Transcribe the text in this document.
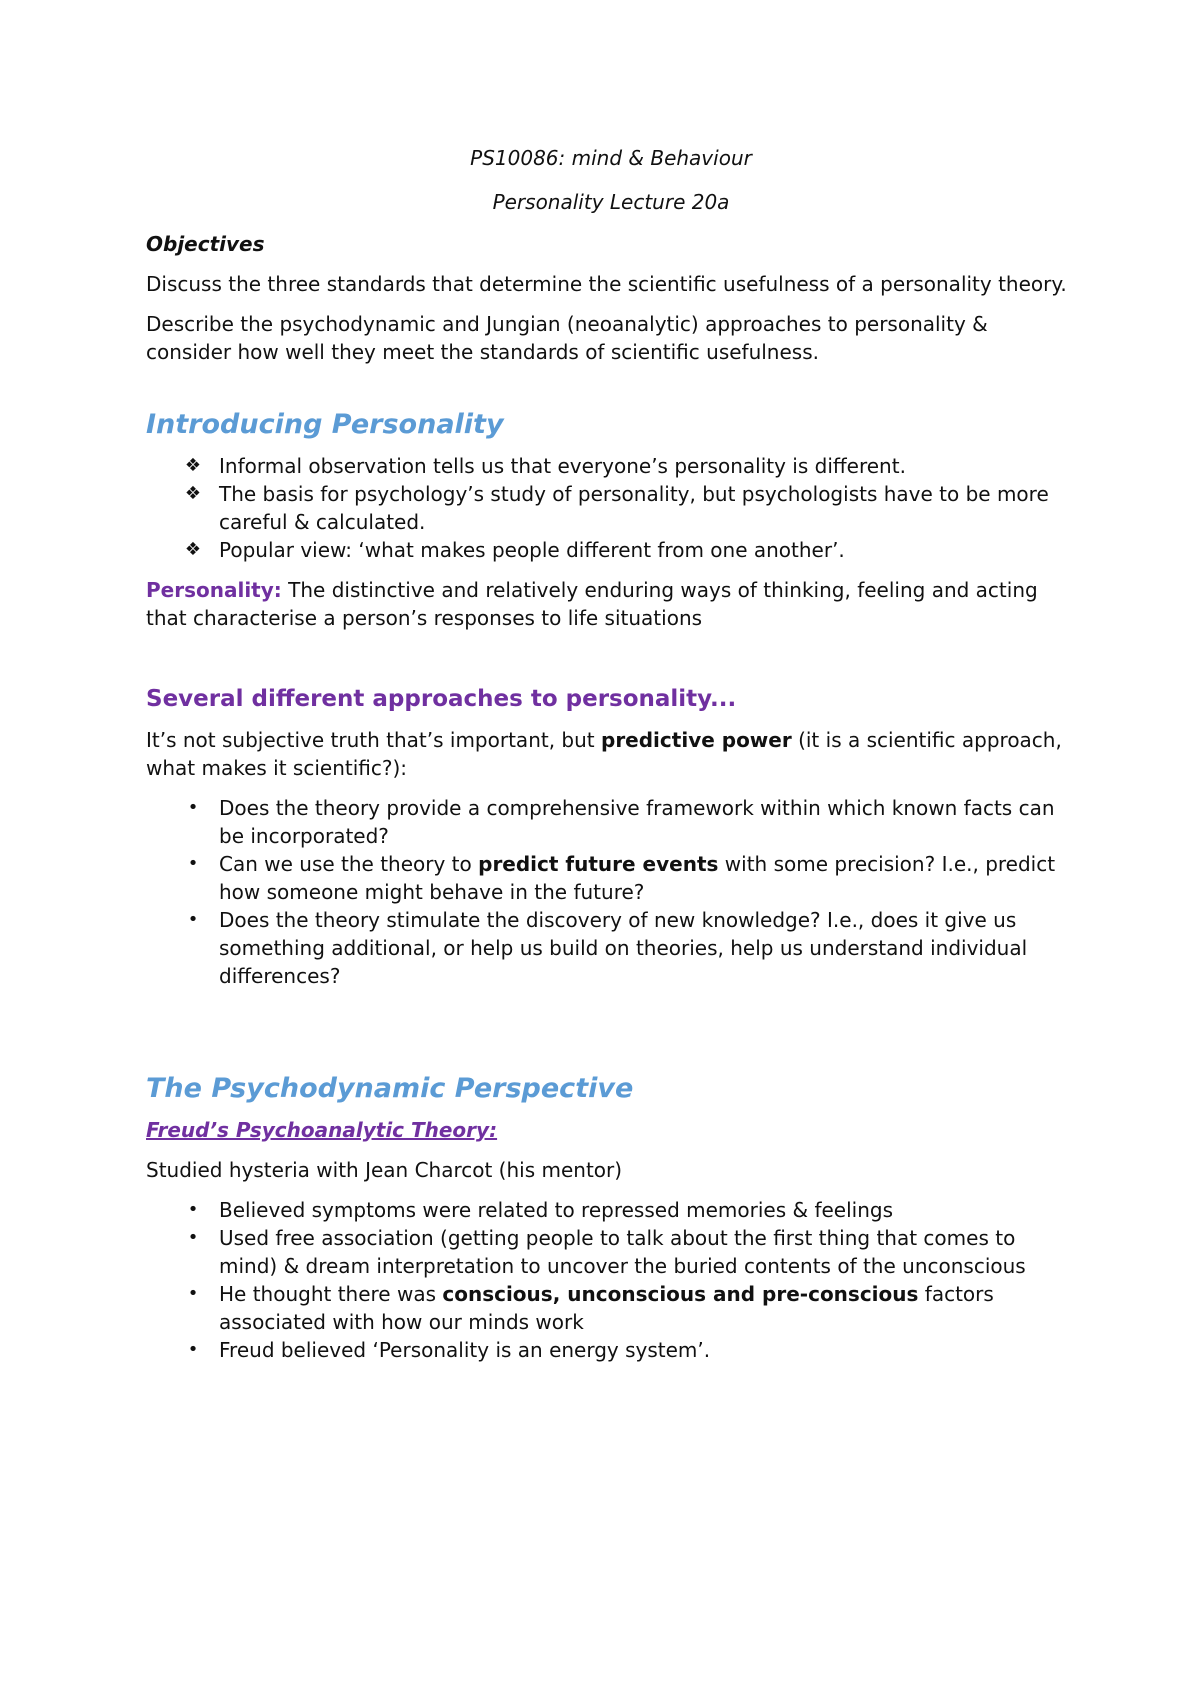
PS10086: mind & Behaviour
Personality Lecture 20a
Objectives

Discuss the three standards that determine the scientific usefulness of a personality theory.

Describe the psychodynamic and Jungian (neoanalytic) approaches to personality & consider how well they meet the standards of scientific usefulness.

Introducing Personality
❖ Informal observation tells us that everyone’s personality is different.
❖ The basis for psychology’s study of personality, but psychologists have to be more careful & calculated.
❖ Popular view: ‘what makes people different from one another’.

Personality: The distinctive and relatively enduring ways of thinking, feeling and acting that characterise a person’s responses to life situations

Several different approaches to personality...

It’s not subjective truth that’s important, but predictive power (it is a scientific approach, what makes it scientific?):

•	Does the theory provide a comprehensive framework within which known facts can be incorporated?
•	Can we use the theory to predict future events with some precision? I.e., predict how someone might behave in the future?
•	Does the theory stimulate the discovery of new knowledge? I.e., does it give us something additional, or help us build on theories, help us understand individual differences?
The Psychodynamic Perspective
Freud’s Psychoanalytic Theory:

Studied hysteria with Jean Charcot (his mentor)

•	Believed symptoms were related to repressed memories & feelings
•	Used free association (getting people to talk about the first thing that comes to mind) & dream interpretation to uncover the buried contents of the unconscious
•	He thought there was conscious, unconscious and pre-conscious factors associated with how our minds work
•	Freud believed ‘Personality is an energy system’.
